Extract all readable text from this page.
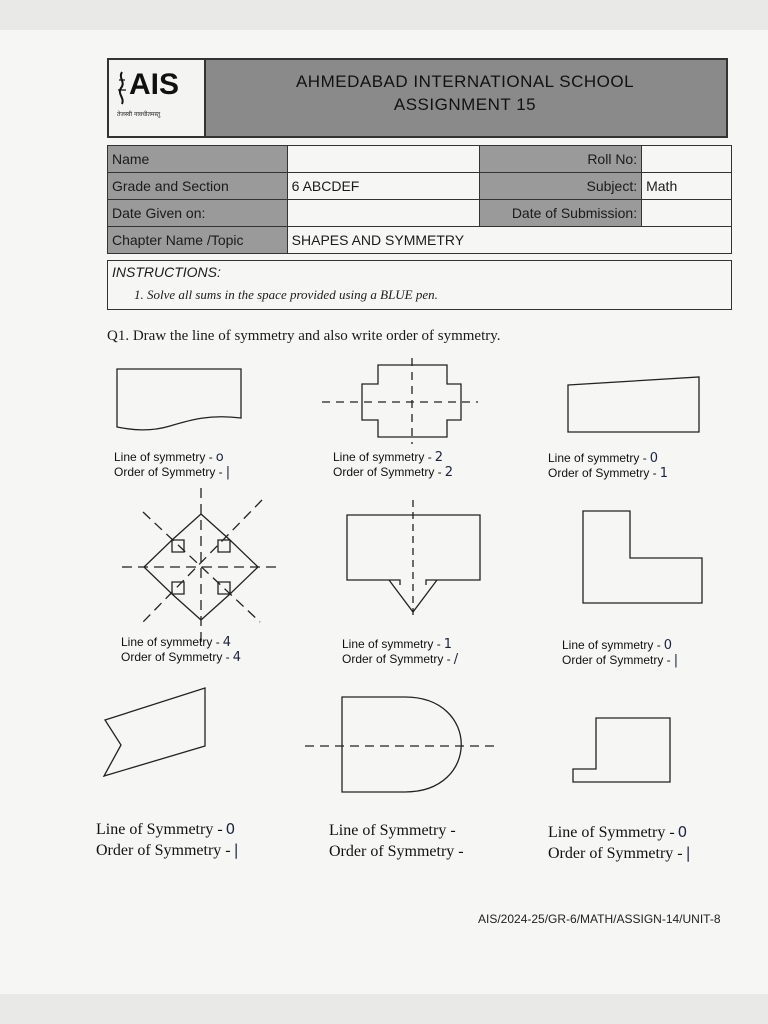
AIS
तेजस्वी नावधीतमस्तु
AHMEDABAD INTERNATIONAL SCHOOL
ASSIGNMENT 15
Name		Roll No:	
Grade and Section	6 ABCDEF	Subject:	Math
Date Given on:		Date of Submission:	
Chapter Name /Topic	SHAPES AND SYMMETRY		
INSTRUCTIONS:
1. Solve all sums in the space provided using a BLUE pen.
Q1. Draw the line of symmetry and also write order of symmetry.
Line of symmetry - o
Order of Symmetry - |
Line of symmetry - 2
Order of Symmetry - 2
Line of symmetry - 0
Order of Symmetry - 1
Line of symmetry - 4
Order of Symmetry - 4
Line of symmetry - 1
Order of Symmetry - /
Line of symmetry - 0
Order of Symmetry - |
Line of Symmetry - 0
Order of Symmetry - |
Line of Symmetry -
Order of Symmetry -
Line of Symmetry - 0
Order of Symmetry - |
AIS/2024-25/GR-6/MATH/ASSIGN-14/UNIT-8
